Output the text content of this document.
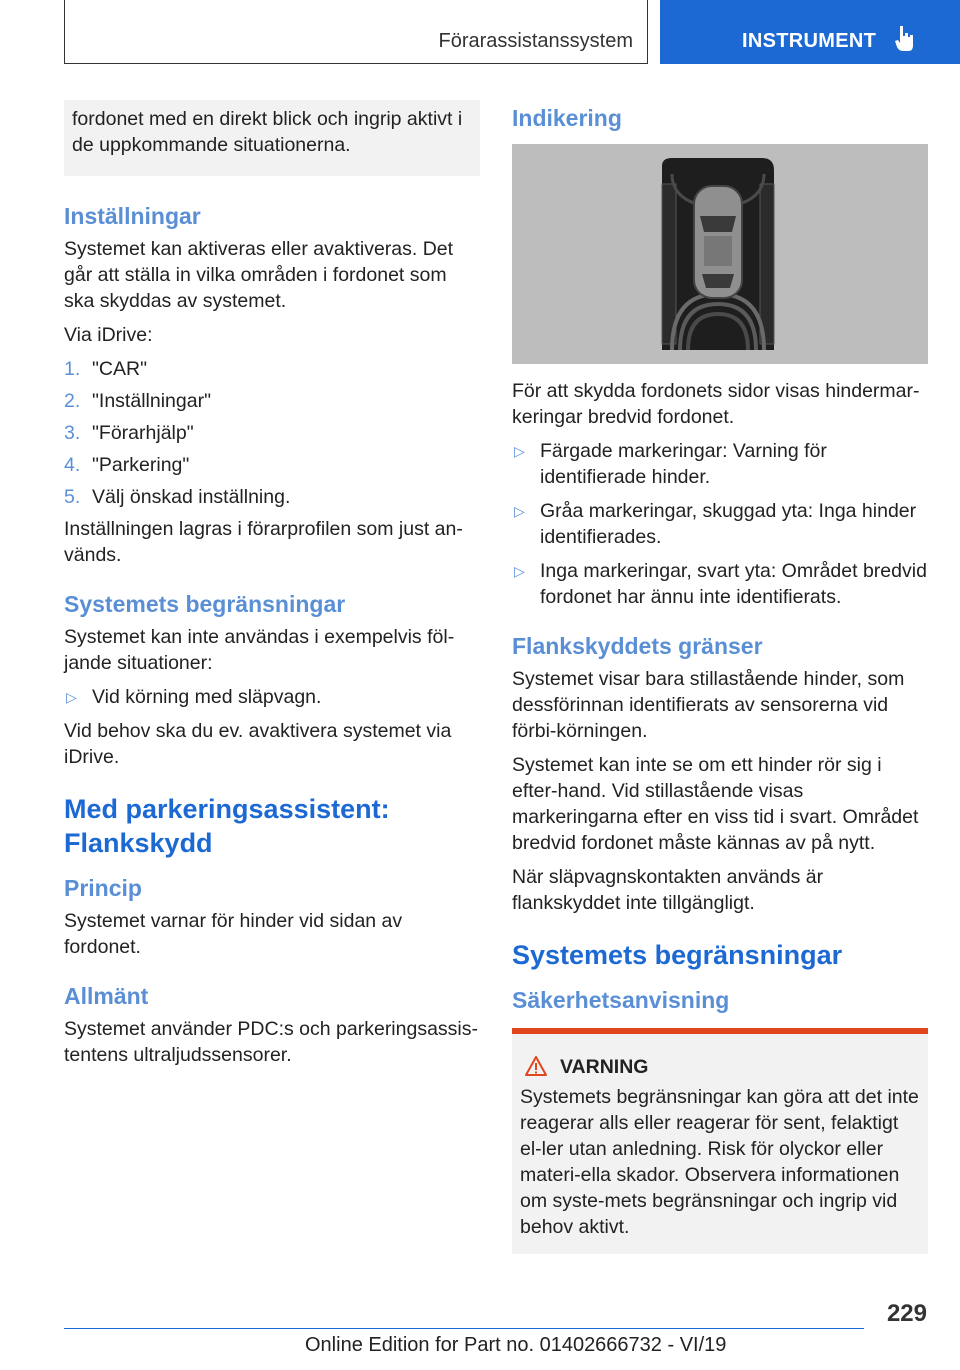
Förarassistanssystem	INSTRUMENT

fordonet med en direkt blick och ingrip aktivt i de uppkommande situationerna.

Inställningar

Systemet kan aktiveras eller avaktiveras. Det går att ställa in vilka områden i fordonet som ska skyddas av systemet.

Via iDrive:

1. "CAR"
2. "Inställningar"
3. "Förarhjälp"
4. "Parkering"
5. Välj önskad inställning.

Inställningen lagras i förarprofilen som just an-vänds.

Systemets begränsningar

Systemet kan inte användas i exempelvis föl-jande situationer:

▷ Vid körning med släpvagn.

Vid behov ska du ev. avaktivera systemet via iDrive.

Med parkeringsassistent: Flankskydd
Princip

Systemet varnar för hinder vid sidan av fordonet.

Allmänt

Systemet använder PDC:s och parkeringsassis-tentens ultraljudssensorer.

Indikering

För att skydda fordonets sidor visas hindermar-keringar bredvid fordonet.

▷ Färgade markeringar: Varning för identifierade hinder.
▷ Gråa markeringar, skuggad yta: Inga hinder identifierades.
▷ Inga markeringar, svart yta: Området bredvid fordonet har ännu inte identifierats.
Flankskyddets gränser

Systemet visar bara stillastående hinder, som dessförinnan identifierats av sensorerna vid förbi-körningen.

Systemet kan inte se om ett hinder rör sig i efter-hand. Vid stillastående visas markeringarna efter en viss tid i svart. Området bredvid fordonet måste kännas av på nytt.

När släpvagnskontakten används är flankskyddet inte tillgängligt.

Systemets begränsningar
Säkerhetsanvisning
VARNING

Systemets begränsningar kan göra att det inte reagerar alls eller reagerar för sent, felaktigt el-ler utan anledning. Risk för olyckor eller materi-ella skador. Observera informationen om syste-mets begränsningar och ingrip vid behov aktivt.

229
Online Edition for Part no. 01402666732 - VI/19
